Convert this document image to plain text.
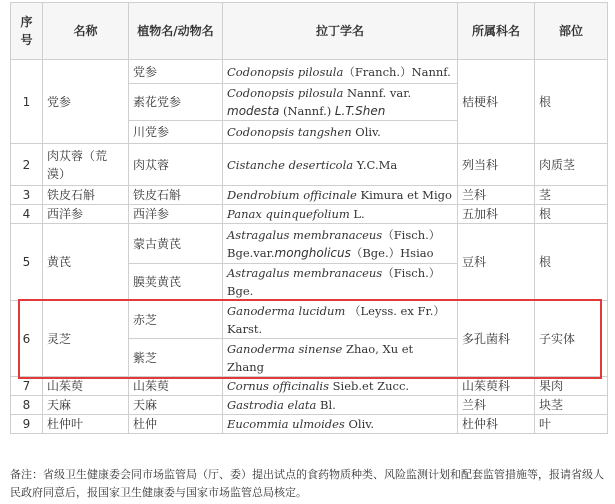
序号	名称	植物名/动物名	拉丁学名	所属科名	部位
1	党参	党参	Codonopsis pilosula（Franch.）Nannf.	桔梗科	根
		素花党参	Codonopsis pilosula Nannf. var. modesta (Nannf.) L.T.Shen		
		川党参	Codonopsis tangshen Oliv.		
2	肉苁蓉（荒漠）	肉苁蓉	Cistanche deserticola Y.C.Ma	列当科	肉质茎
3	铁皮石斛	铁皮石斛	Dendrobium officinale Kimura et Migo	兰科	茎
4	西洋参	西洋参	Panax quinquefolium L.	五加科	根
5	黄芪	蒙古黄芪	Astragalus membranaceus（Fisch.）Bge.var.mongholicus（Bge.）Hsiao	豆科	根
		膜荚黄芪	Astragalus membranaceus（Fisch.）Bge.		
6	灵芝	赤芝	Ganoderma lucidum （Leyss. ex Fr.）Karst.	多孔菌科	子实体
		紫芝	Ganoderma sinense Zhao, Xu et Zhang		
7	山茱萸	山茱萸	Cornus officinalis Sieb.et Zucc.	山茱萸科	果肉
8	天麻	天麻	Gastrodia elata Bl.	兰科	块茎
9	杜仲叶	杜仲	Eucommia ulmoides Oliv.	杜仲科	叶
备注：省级卫生健康委会同市场监管局（厅、委）提出试点的食药物质种类、风险监测计划和配套监管措施等，报请省级人民政府同意后，报国家卫生健康委与国家市场监管总局核定。
